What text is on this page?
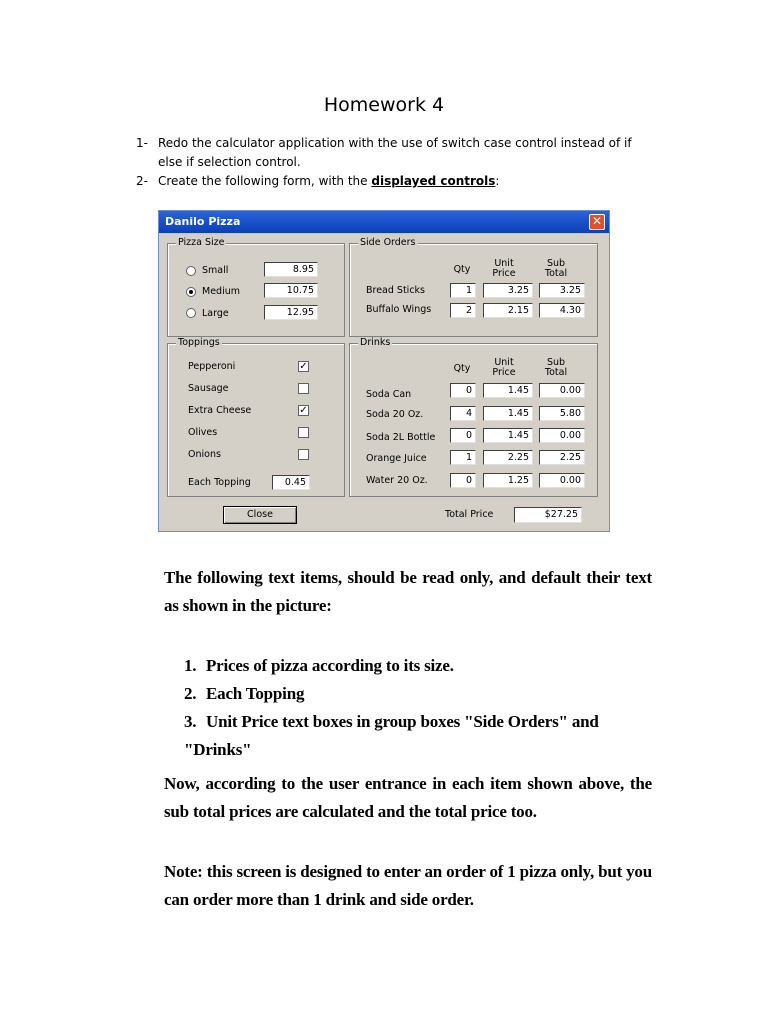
Homework 4
1- Redo the calculator application with the use of switch case control instead of if else if selection control.
2- Create the following form, with the displayed controls:
Danilo Pizza	✕
Pizza Size
Small	8.95
Medium	10.75
Large	12.95
Side Orders
Qty
Unit Price
Sub Total
Bread Sticks	1	3.25	3.25
Buffalo Wings	2	2.15	4.30
Toppings
Pepperoni	✓
Sausage
Extra Cheese	✓
Olives
Onions
Each Topping	0.45
Drinks
Qty
Unit Price
Sub Total
Soda Can	0	1.45	0.00
Soda 20 Oz.	4	1.45	5.80
Soda 2L Bottle	0	1.45	0.00
Orange Juice	1	2.25	2.25
Water 20 Oz.	0	1.25	0.00
Close	Total Price	$27.25

The following text items, should be read only, and default their text as shown in the picture:

1. Prices of pizza according to its size.

2. Each Topping

3. Unit Price text boxes in group boxes "Side Orders" and "Drinks"

Now, according to the user entrance in each item shown above, the sub total prices are calculated and the total price too.

Note: this screen is designed to enter an order of 1 pizza only, but you can order more than 1 drink and side order.
